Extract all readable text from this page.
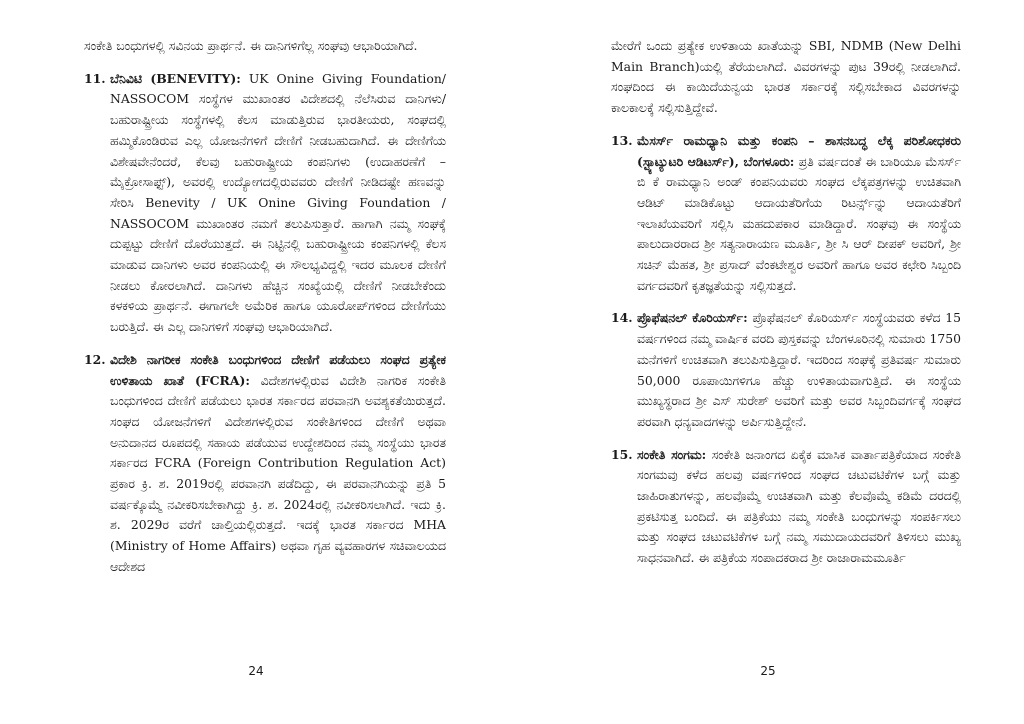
ಸಂಕೇತಿ ಬಂಧುಗಳಲ್ಲಿ ಸವಿನಯ ಪ್ರಾರ್ಥನೆ. ಈ ದಾನಿಗಳಿಗೆಲ್ಲ ಸಂಘವು ಆಭಾರಿಯಾಗಿದೆ.

11. ಬೆನಿವಿಟಿ (BENEVITY): UK Onine Giving Foundation/ NASSOCOM ಸಂಸ್ಥೆಗಳ ಮುಖಾಂತರ ವಿದೇಶದಲ್ಲಿ ನೆಲೆಸಿರುವ ದಾನಿಗಳು/ಬಹುರಾಷ್ಟ್ರೀಯ ಸಂಸ್ಥೆಗಳಲ್ಲಿ ಕೆಲಸ ಮಾಡುತ್ತಿರುವ ಭಾರತೀಯರು, ಸಂಘದಲ್ಲಿ ಹಮ್ಮಿಕೊಂಡಿರುವ ಎಲ್ಲ ಯೋಜನೆಗಳಿಗೆ ದೇಣಿಗೆ ನೀಡಬಹುದಾಗಿದೆ. ಈ ದೇಣಿಗೆಯ ವಿಶೇಷವೇನೆಂದರೆ, ಕೆಲವು ಬಹುರಾಷ್ಟ್ರೀಯ ಕಂಪನಿಗಳು (ಉದಾಹರಣೆಗೆ – ಮೈಕ್ರೋಸಾಫ್ಟ್), ಅವರಲ್ಲಿ ಉದ್ಯೋಗದಲ್ಲಿರುವವರು ದೇಣಿಗೆ ನೀಡಿದಷ್ಟೇ ಹಣವನ್ನು ಸೇರಿಸಿ Benevity / UK Onine Giving Foundation / NASSOCOM ಮುಖಾಂತರ ನಮಗೆ ತಲುಪಿಸುತ್ತಾರೆ. ಹಾಗಾಗಿ ನಮ್ಮ ಸಂಘಕ್ಕೆ ದುಪ್ಪಟ್ಟು ದೇಣಿಗೆ ದೊರೆಯುತ್ತದೆ. ಈ ನಿಟ್ಟಿನಲ್ಲಿ ಬಹುರಾಷ್ಟ್ರೀಯ ಕಂಪನಿಗಳಲ್ಲಿ ಕೆಲಸ ಮಾಡುವ ದಾನಿಗಳು ಅವರ ಕಂಪನಿಯಲ್ಲಿ ಈ ಸೌಲಭ್ಯವಿದ್ದಲ್ಲಿ ಇದರ ಮೂಲಕ ದೇಣಿಗೆ ನೀಡಲು ಕೋರಲಾಗಿದೆ. ದಾನಿಗಳು ಹೆಚ್ಚಿನ ಸಂಖ್ಯೆಯಲ್ಲಿ ದೇಣಿಗೆ ನೀಡಬೇಕೆಂದು ಕಳಕಳಿಯ ಪ್ರಾರ್ಥನೆ. ಈಗಾಗಲೇ ಅಮೆರಿಕ ಹಾಗೂ ಯೂರೋಪ್‌ಗಳಿಂದ ದೇಣಿಗೆಯು ಬರುತ್ತಿದೆ. ಈ ಎಲ್ಲ ದಾನಿಗಳಿಗೆ ಸಂಘವು ಆಭಾರಿಯಾಗಿದೆ.

12. ವಿದೇಶಿ ನಾಗರೀಕ ಸಂಕೇತಿ ಬಂಧುಗಳಿಂದ ದೇಣಿಗೆ ಪಡೆಯಲು ಸಂಘದ ಪ್ರತ್ಯೇಕ ಉಳಿತಾಯ ಖಾತೆ (FCRA): ವಿದೇಶಗಳಲ್ಲಿರುವ ವಿದೇಶಿ ನಾಗರಿಕ ಸಂಕೇತಿ ಬಂಧುಗಳಿಂದ ದೇಣಿಗೆ ಪಡೆಯಲು ಭಾರತ ಸರ್ಕಾರದ ಪರವಾನಗಿ ಅವಶ್ಯಕತೆಯಿರುತ್ತದೆ. ಸಂಘದ ಯೋಜನೆಗಳಿಗೆ ವಿದೇಶಗಳಲ್ಲಿರುವ ಸಂಕೇತಿಗಳಿಂದ ದೇಣಿಗೆ ಅಥವಾ ಅನುದಾನದ ರೂಪದಲ್ಲಿ ಸಹಾಯ ಪಡೆಯುವ ಉದ್ದೇಶದಿಂದ ನಮ್ಮ ಸಂಸ್ಥೆಯು ಭಾರತ ಸರ್ಕಾರದ FCRA (Foreign Contribution Regulation Act) ಪ್ರಕಾರ ಕ್ರಿ. ಶ. 2019ರಲ್ಲಿ ಪರವಾನಗಿ ಪಡೆದಿದ್ದು, ಈ ಪರವಾನಗಿಯನ್ನು ಪ್ರತಿ 5 ವರ್ಷಕ್ಕೊಮ್ಮೆ ನವೀಕರಿಸಬೇಕಾಗಿದ್ದು ಕ್ರಿ. ಶ. 2024ರಲ್ಲಿ ನವೀಕರಿಸಲಾಗಿದೆ. ಇದು ಕ್ರಿ. ಶ. 2029ರ ವರೆಗೆ ಚಾಲ್ತಿಯಲ್ಲಿರುತ್ತದೆ. ಇದಕ್ಕೆ ಭಾರತ ಸರ್ಕಾರದ MHA (Ministry of Home Affairs) ಅಥವಾ ಗೃಹ ವ್ಯವಹಾರಗಳ ಸಚಿವಾಲಯದ ಆದೇಶದ

24

ಮೇರೆಗೆ ಒಂದು ಪ್ರತ್ಯೇಕ ಉಳಿತಾಯ ಖಾತೆಯನ್ನು SBI, NDMB (New Delhi Main Branch)ಯಲ್ಲಿ ತೆರೆಯಲಾಗಿದೆ. ವಿವರಗಳನ್ನು ಪುಟ 39ರಲ್ಲಿ ನೀಡಲಾಗಿದೆ. ಸಂಘದಿಂದ ಈ ಕಾಯಿದೆಯನ್ವಯ ಭಾರತ ಸರ್ಕಾರಕ್ಕೆ ಸಲ್ಲಿಸಬೇಕಾದ ವಿವರಗಳನ್ನು ಕಾಲಕಾಲಕ್ಕೆ ಸಲ್ಲಿಸುತ್ತಿದ್ದೇವೆ.

13. ಮೆಸರ್ಸ್ ರಾಮಧ್ಯಾನಿ ಮತ್ತು ಕಂಪನಿ – ಶಾಸನಬದ್ಧ ಲೆಕ್ಕ ಪರಿಶೋಧಕರು (ಸ್ಟ್ಯಾಟ್ಯುಟರಿ ಆಡಿಟರ್ಸ್), ಬೆಂಗಳೂರು: ಪ್ರತಿ ವರ್ಷದಂತೆ ಈ ಬಾರಿಯೂ ಮೆಸರ್ಸ್ ಬಿ ಕೆ ರಾಮಧ್ಯಾನಿ ಅಂಡ್ ಕಂಪನಿಯವರು ಸಂಘದ ಲೆಕ್ಕಪತ್ರಗಳನ್ನು ಉಚಿತವಾಗಿ ಆಡಿಟ್ ಮಾಡಿಕೊಟ್ಟು ಆದಾಯತೆರಿಗೆಯ ರಿಟರ್ನ್ಸ್‌ನ್ನು ಆದಾಯತೆರಿಗೆ ಇಲಾಖೆಯವರಿಗೆ ಸಲ್ಲಿಸಿ ಮಹದುಪಕಾರ ಮಾಡಿದ್ದಾರೆ. ಸಂಘವು ಈ ಸಂಸ್ಥೆಯ ಪಾಲುದಾರರಾದ ಶ್ರೀ ಸತ್ಯನಾರಾಯಣ ಮೂರ್ತಿ, ಶ್ರೀ ಸಿ ಆರ್ ದೀಪಕ್ ಅವರಿಗೆ, ಶ್ರೀ ಸಚಿನ್ ಮೆಹತ, ಶ್ರೀ ಪ್ರಸಾದ್ ವೆಂಕಟೇಶ್ವರ ಅವರಿಗೆ ಹಾಗೂ ಅವರ ಕಛೇರಿ ಸಿಬ್ಬಂದಿ ವರ್ಗದವರಿಗೆ ಕೃತಜ್ಞತೆಯನ್ನು ಸಲ್ಲಿಸುತ್ತದೆ.

14. ಪ್ರೊಫೆಷನಲ್ ಕೊರಿಯರ್ಸ್: ಪ್ರೊಫೆಷನಲ್ ಕೊರಿಯರ್ಸ್ ಸಂಸ್ಥೆಯವರು ಕಳೆದ 15 ವರ್ಷಗಳಿಂದ ನಮ್ಮ ವಾರ್ಷಿಕ ವರದಿ ಪುಸ್ತಕವನ್ನು ಬೆಂಗಳೂರಿನಲ್ಲಿ ಸುಮಾರು 1750 ಮನೆಗಳಿಗೆ ಉಚಿತವಾಗಿ ತಲುಪಿಸುತ್ತಿದ್ದಾರೆ. ಇದರಿಂದ ಸಂಘಕ್ಕೆ ಪ್ರತಿವರ್ಷ ಸುಮಾರು 50,000 ರೂಪಾಯಿಗಳಿಗೂ ಹೆಚ್ಚು ಉಳಿತಾಯವಾಗುತ್ತಿದೆ. ಈ ಸಂಸ್ಥೆಯ ಮುಖ್ಯಸ್ಥರಾದ ಶ್ರೀ ಎಸ್ ಸುರೇಶ್ ಅವರಿಗೆ ಮತ್ತು ಅವರ ಸಿಬ್ಬಂದಿವರ್ಗಕ್ಕೆ ಸಂಘದ ಪರವಾಗಿ ಧನ್ಯವಾದಗಳನ್ನು ಅರ್ಪಿಸುತ್ತಿದ್ದೇನೆ.

15. ಸಂಕೇತಿ ಸಂಗಮ: ಸಂಕೇತಿ ಜನಾಂಗದ ಏಕೈಕ ಮಾಸಿಕ ವಾರ್ತಾಪತ್ರಿಕೆಯಾದ ಸಂಕೇತಿ ಸಂಗಮವು ಕಳೆದ ಹಲವು ವರ್ಷಗಳಿಂದ ಸಂಘದ ಚಟುವಟಿಕೆಗಳ ಬಗ್ಗೆ ಮತ್ತು ಜಾಹಿರಾತುಗಳನ್ನು, ಹಲವೊಮ್ಮೆ ಉಚಿತವಾಗಿ ಮತ್ತು ಕೆಲವೊಮ್ಮೆ ಕಡಿಮೆ ದರದಲ್ಲಿ ಪ್ರಕಟಿಸುತ್ತ ಬಂದಿದೆ. ಈ ಪತ್ರಿಕೆಯು ನಮ್ಮ ಸಂಕೇತಿ ಬಂಧುಗಳನ್ನು ಸಂಪರ್ಕಿಸಲು ಮತ್ತು ಸಂಘದ ಚಟುವಟಿಕೆಗಳ ಬಗ್ಗೆ ನಮ್ಮ ಸಮುದಾಯದವರಿಗೆ ತಿಳಿಸಲು ಮುಖ್ಯ ಸಾಧನವಾಗಿದೆ. ಈ ಪತ್ರಿಕೆಯ ಸಂಪಾದಕರಾದ ಶ್ರೀ ರಾಜಾರಾಮಮೂರ್ತಿ

25
